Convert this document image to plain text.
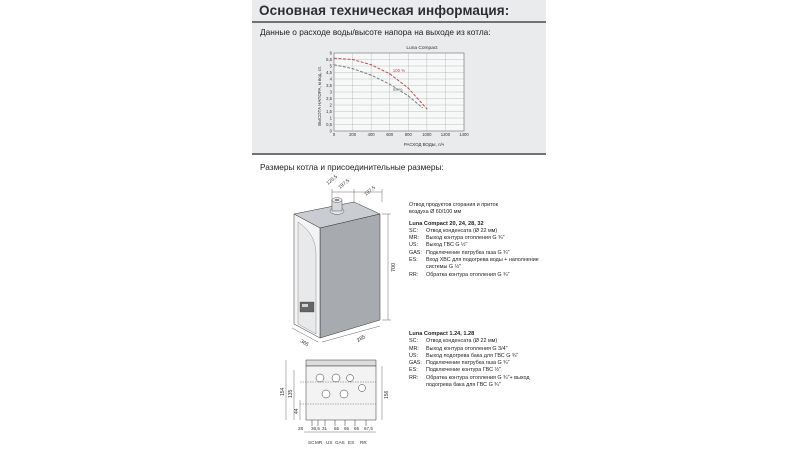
Основная техническая информация:
Данные о расходе воды/высоте напора на выходе из котла:
Luna Compact
0	200	400	600	800 1000 1200 1400
0
0,5
1
1,5
2
2,5
3
3,5
4
4,5
5
5,5
6
100 %
85 %
ВЫСОТА НАПОРА, м вод. ст.
РАСХОД ВОДЫ, л/ч
Размеры котла и присоединительные размеры:
120,5
197,5
197,5
700
365	285
154 135
44
156
28 36,5 31 65 65 65 67,5
SC MR US GAS ES RR
Отвод продуктов сгорания и приток воздуха Ø 60/100 мм
Luna Compact 20, 24, 28, 32
SC:	Отвод конденсата (Ø 22 мм)
MR:	Выход контура отопления G ¾"
US:	Выход ГВС G ½"
GAS: Подключение патрубка газа G ¾"
ES:	Вход ХВС для подогрева воды + наполнение системы G ½"
RR:	Обратка контура отопления G ¾"
Luna Compact 1.24, 1.28
SC:	Отвод конденсата (Ø 22 мм)
MR:	Выход контура отопления G 3/4"
US:	Выход подогрева бака для ГВС G ¾"
GAS: Подключение патрубка газа G ¾"
ES:	Подключение контура ГВС ½"
RR:	Обратка контура отопления G ¾"+ выход подогрева бака для ГВС G ¾"
